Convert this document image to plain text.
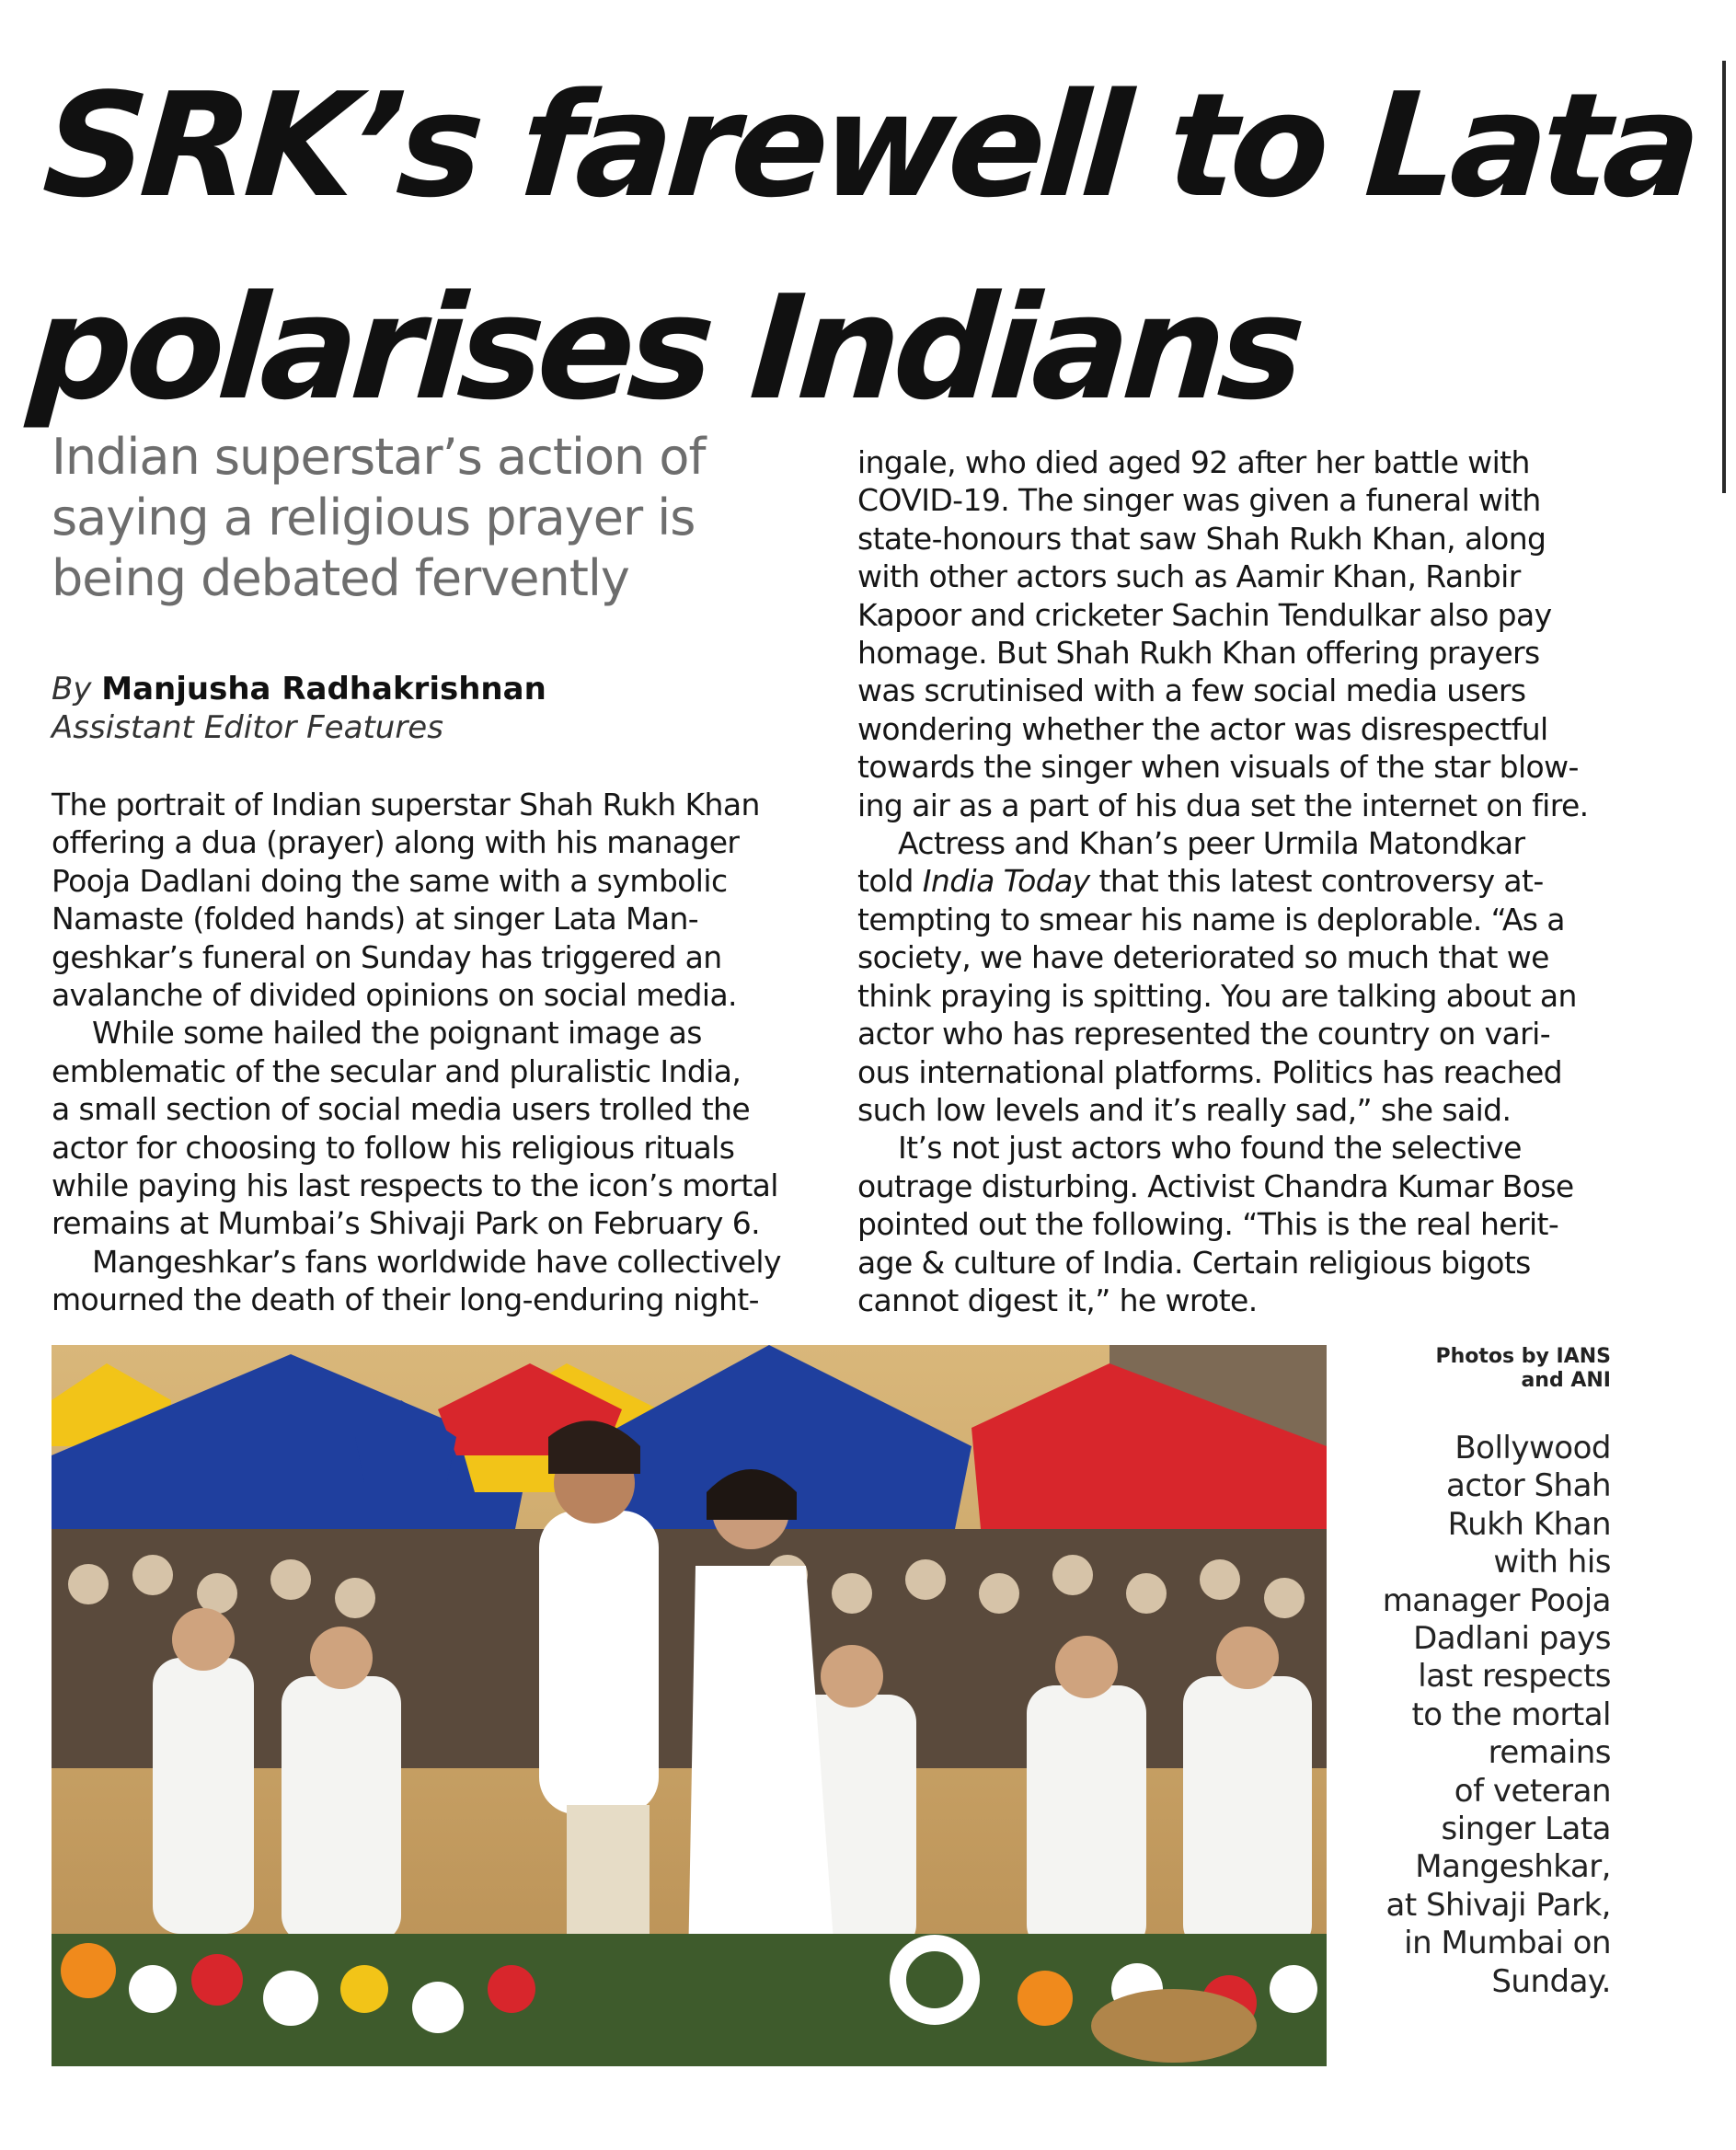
SRK’s farewell to Lata
polarises Indians
Indian superstar’s action of
saying a religious prayer is
being debated fervently
By Manjusha Radhakrishnan
Assistant Editor Features
The portrait of Indian superstar Shah Rukh Khan
offering a dua (prayer) along with his manager
Pooja Dadlani doing the same with a symbolic
Namaste (folded hands) at singer Lata Man-
geshkar’s funeral on Sunday has triggered an
avalanche of divided opinions on social media.
While some hailed the poignant image as
emblematic of the secular and pluralistic India,
a small section of social media users trolled the
actor for choosing to follow his religious rituals
while paying his last respects to the icon’s mortal
remains at Mumbai’s Shivaji Park on February 6.
Mangeshkar’s fans worldwide have collectively
mourned the death of their long-enduring night-
ingale, who died aged 92 after her battle with
COVID-19. The singer was given a funeral with
state-honours that saw Shah Rukh Khan, along
with other actors such as Aamir Khan, Ranbir
Kapoor and cricketer Sachin Tendulkar also pay
homage. But Shah Rukh Khan offering prayers
was scrutinised with a few social media users
wondering whether the actor was disrespectful
towards the singer when visuals of the star blow-
ing air as a part of his dua set the internet on fire.
Actress and Khan’s peer Urmila Matondkar
told India Today that this latest controversy at-
tempting to smear his name is deplorable. “As a
society, we have deteriorated so much that we
think praying is spitting. You are talking about an
actor who has represented the country on vari-
ous international platforms. Politics has reached
such low levels and it’s really sad,” she said.
It’s not just actors who found the selective
outrage disturbing. Activist Chandra Kumar Bose
pointed out the following. “This is the real herit-
age & culture of India. Certain religious bigots
cannot digest it,” he wrote.
Photos by IANS
and ANI
Bollywood
actor Shah
Rukh Khan
with his
manager Pooja
Dadlani pays
last respects
to the mortal
remains
of veteran
singer Lata
Mangeshkar,
at Shivaji Park,
in Mumbai on
Sunday.
